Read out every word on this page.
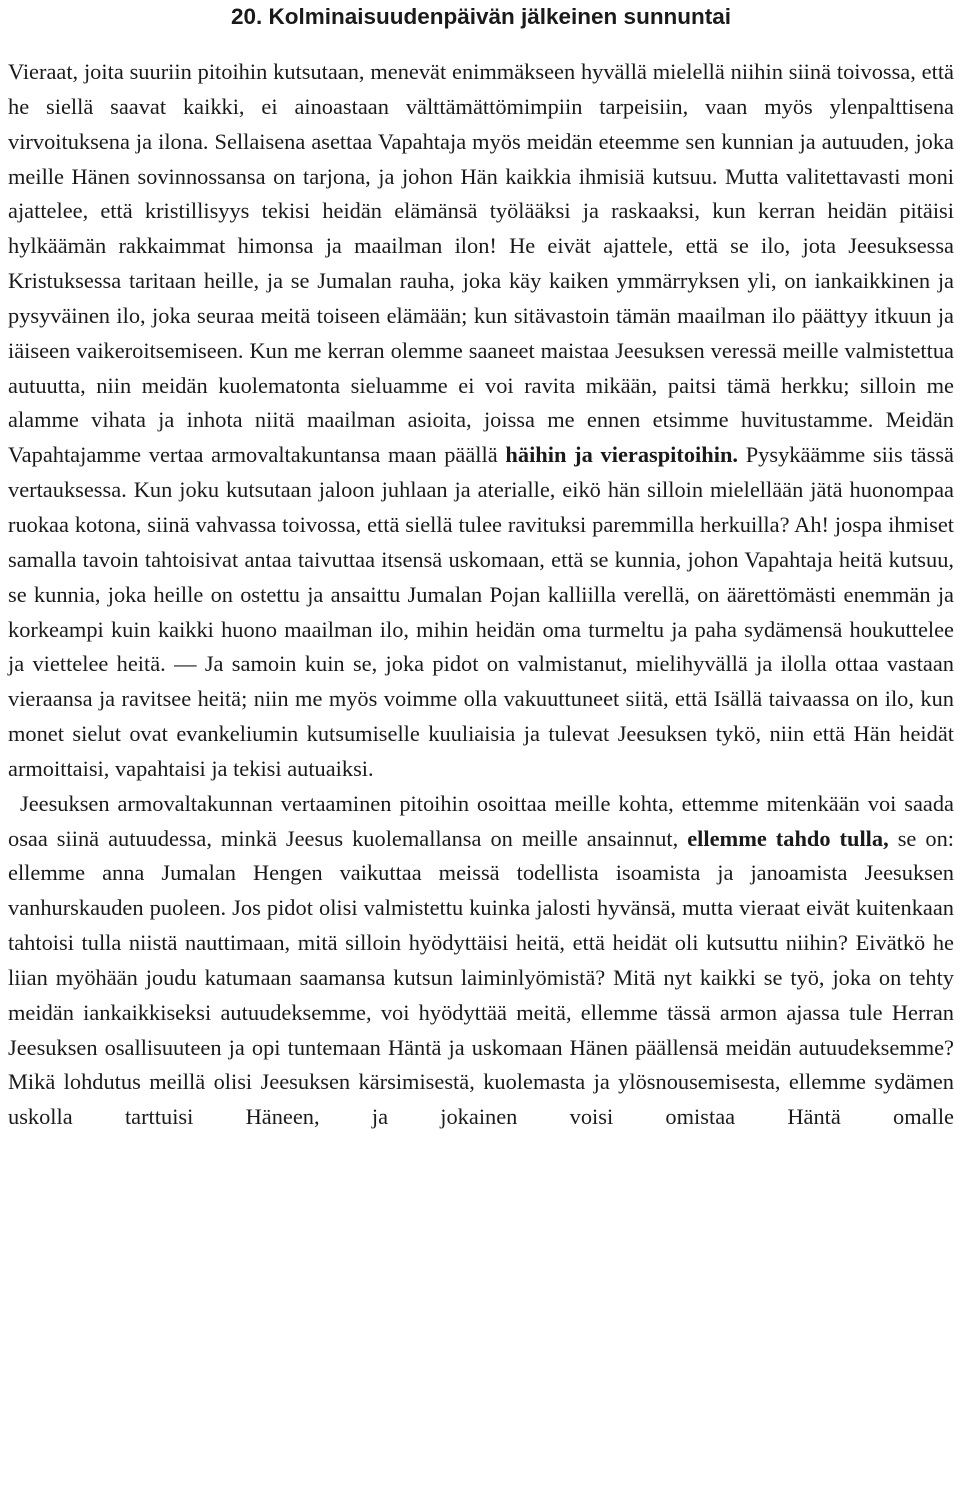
20. Kolminaisuudenpäivän jälkeinen sunnuntai

Vieraat, joita suuriin pitoihin kutsutaan, menevät enimmäkseen hyvällä mielellä niihin siinä toivossa, että he siellä saavat kaikki, ei ainoastaan välttämättömimpiin tarpeisiin, vaan myös ylenpalttisena virvoituksena ja ilona. Sellaisena asettaa Vapahtaja myös meidän eteemme sen kunnian ja autuuden, joka meille Hänen sovinnossansa on tarjona, ja johon Hän kaikkia ihmisiä kutsuu. Mutta valitettavasti moni ajattelee, että kristillisyys tekisi heidän elämänsä työlääksi ja raskaaksi, kun kerran heidän pitäisi hylkäämän rakkaimmat himonsa ja maailman ilon! He eivät ajattele, että se ilo, jota Jeesuksessa Kristuksessa taritaan heille, ja se Jumalan rauha, joka käy kaiken ymmärryksen yli, on iankaikkinen ja pysyväinen ilo, joka seuraa meitä toiseen elämään; kun sitävastoin tämän maailman ilo päättyy itkuun ja iäiseen vaikeroitsemiseen. Kun me kerran olemme saaneet maistaa Jeesuksen veressä meille valmistettua autuutta, niin meidän kuolematonta sieluamme ei voi ravita mikään, paitsi tämä herkku; silloin me alamme vihata ja inhota niitä maailman asioita, joissa me ennen etsimme huvitustamme. Meidän Vapahtajamme vertaa armovaltakuntansa maan päällä häihin ja vieraspitoihin. Pysykäämme siis tässä vertauksessa. Kun joku kutsutaan jaloon juhlaan ja aterialle, eikö hän silloin mielellään jätä huonompaa ruokaa kotona, siinä vahvassa toivossa, että siellä tulee ravituksi paremmilla herkuilla? Ah! jospa ihmiset samalla tavoin tahtoisivat antaa taivuttaa itsensä uskomaan, että se kunnia, johon Vapahtaja heitä kutsuu, se kunnia, joka heille on ostettu ja ansaittu Jumalan Pojan kalliilla verellä, on äärettömästi enemmän ja korkeampi kuin kaikki huono maailman ilo, mihin heidän oma turmeltu ja paha sydämensä houkuttelee ja viettelee heitä. — Ja samoin kuin se, joka pidot on valmistanut, mielihyvällä ja ilolla ottaa vastaan vieraansa ja ravitsee heitä; niin me myös voimme olla vakuuttuneet siitä, että Isällä taivaassa on ilo, kun monet sielut ovat evankeliumin kutsumiselle kuuliaisia ja tulevat Jeesuksen tykö, niin että Hän heidät armoittaisi, vapahtaisi ja tekisi autuaiksi.

Jeesuksen armovaltakunnan vertaaminen pitoihin osoittaa meille kohta, ettemme mitenkään voi saada osaa siinä autuudessa, minkä Jeesus kuolemallansa on meille ansainnut, ellemme tahdo tulla, se on: ellemme anna Jumalan Hengen vaikuttaa meissä todellista isoamista ja janoamista Jeesuksen vanhurskauden puoleen. Jos pidot olisi valmistettu kuinka jalosti hyvänsä, mutta vieraat eivät kuitenkaan tahtoisi tulla niistä nauttimaan, mitä silloin hyödyttäisi heitä, että heidät oli kutsuttu niihin? Eivätkö he liian myöhään joudu katumaan saamansa kutsun laiminlyömistä? Mitä nyt kaikki se työ, joka on tehty meidän iankaikkiseksi autuudeksemme, voi hyödyttää meitä, ellemme tässä armon ajassa tule Herran Jeesuksen osallisuuteen ja opi tuntemaan Häntä ja uskomaan Hänen päällensä meidän autuudeksemme? Mikä lohdutus meillä olisi Jeesuksen kärsimisestä, kuolemasta ja ylösnousemisesta, ellemme sydämen uskolla tarttuisi Häneen, ja jokainen voisi omistaa Häntä omalle
